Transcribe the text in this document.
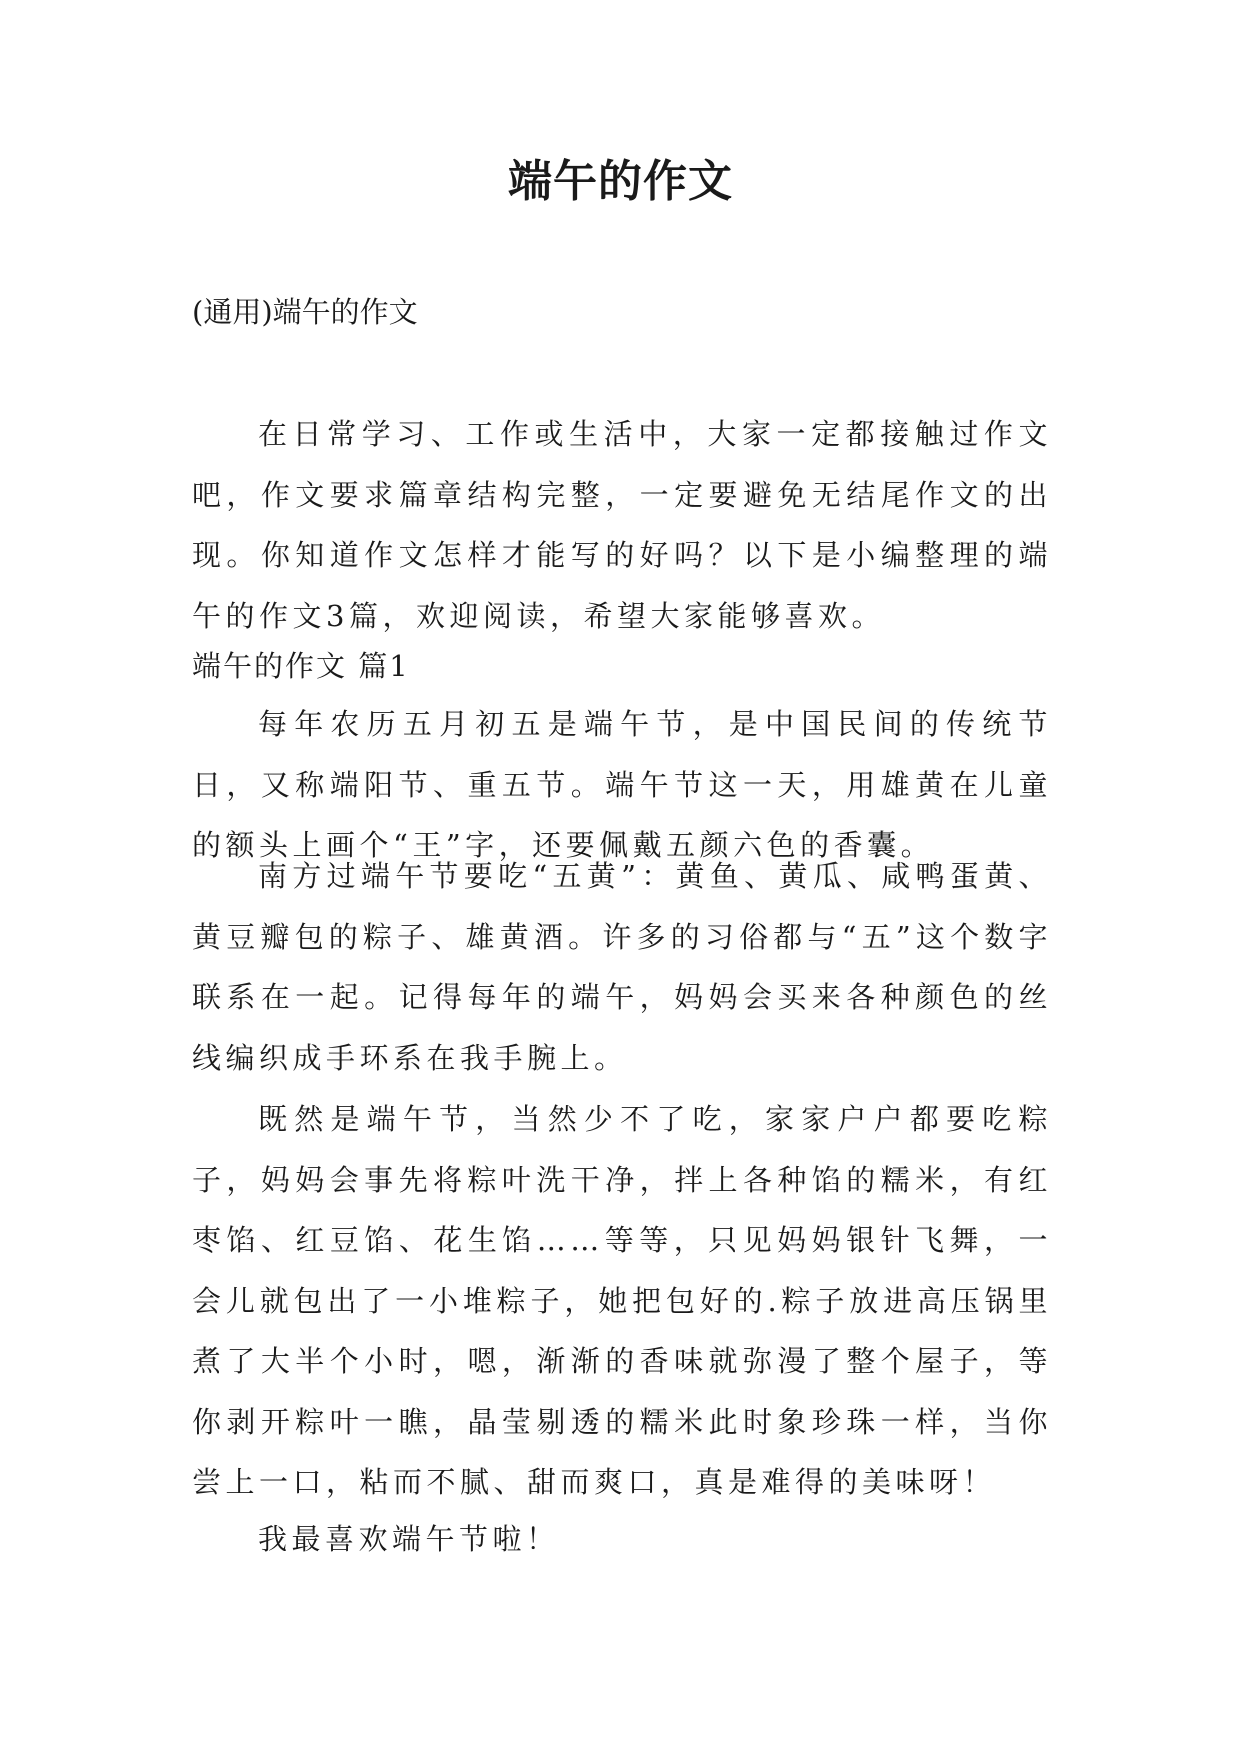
端午的作文

(通用)端午的作文

在日常学习、工作或生活中，大家一定都接触过作文吧，作文要求篇章结构完整，一定要避免无结尾作文的出现。你知道作文怎样才能写的好吗？以下是小编整理的端午的作文3篇，欢迎阅读，希望大家能够喜欢。

端午的作文 篇1

每年农历五月初五是端午节，是中国民间的传统节日，又称端阳节、重五节。端午节这一天，用雄黄在儿童的额头上画个“王”字，还要佩戴五颜六色的香囊。

南方过端午节要吃“五黄”：黄鱼、黄瓜、咸鸭蛋黄、黄豆瓣包的粽子、雄黄酒。许多的习俗都与“五”这个数字联系在一起。记得每年的端午，妈妈会买来各种颜色的丝线编织成手环系在我手腕上。

既然是端午节，当然少不了吃，家家户户都要吃粽子，妈妈会事先将粽叶洗干净，拌上各种馅的糯米，有红枣馅、红豆馅、花生馅……等等，只见妈妈银针飞舞，一会儿就包出了一小堆粽子，她把包好的.粽子放进高压锅里煮了大半个小时，嗯，渐渐的香味就弥漫了整个屋子，等你剥开粽叶一瞧，晶莹剔透的糯米此时象珍珠一样，当你尝上一口，粘而不腻、甜而爽口，真是难得的美味呀！

我最喜欢端午节啦！
